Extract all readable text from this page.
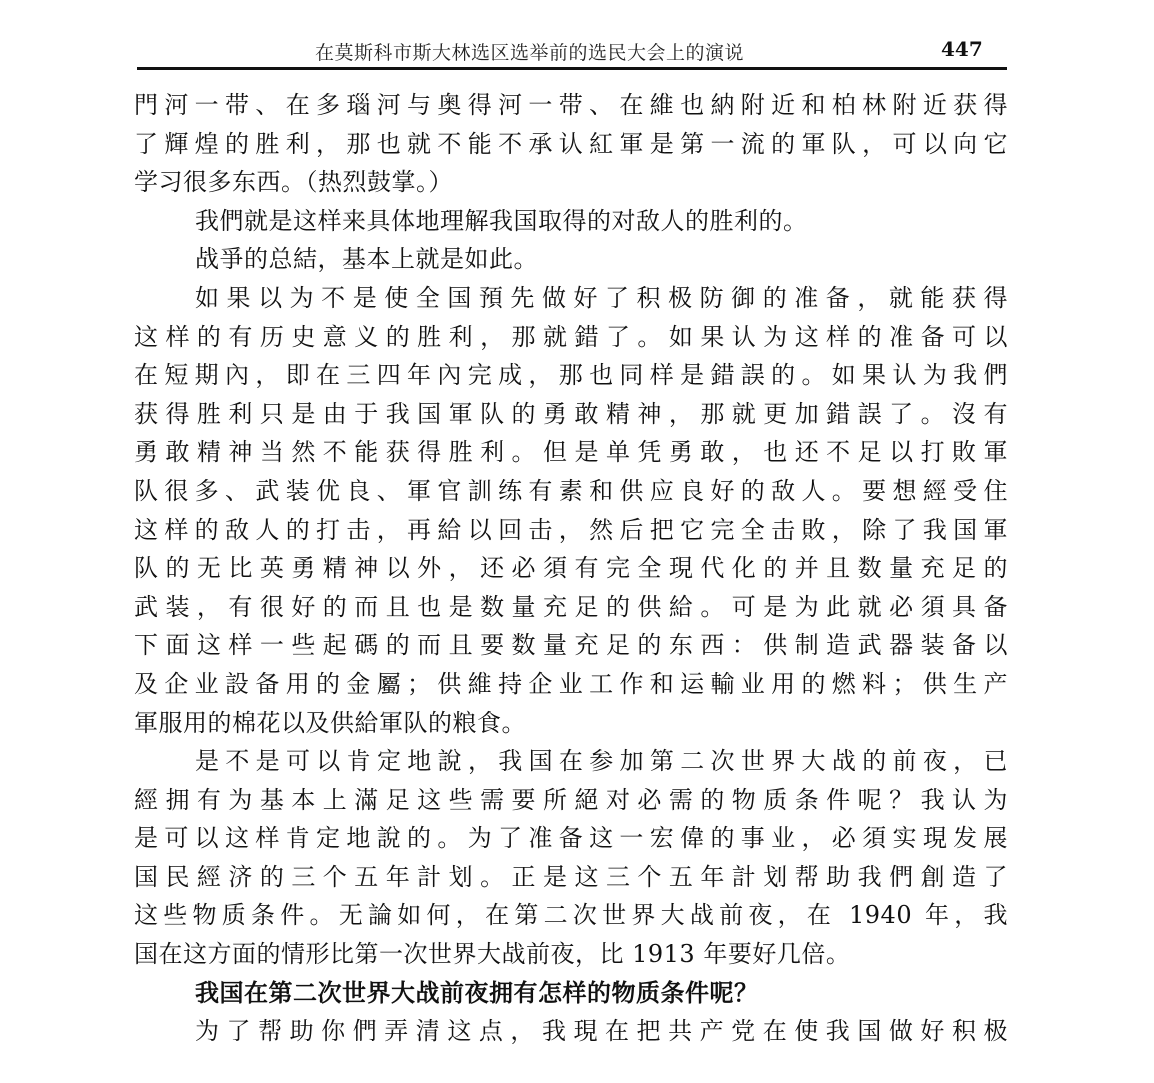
在莫斯科市斯大林选区选举前的选民大会上的演说	447
門河一带、在多瑙河与奥得河一带、在維也納附近和柏林附近获得
了輝煌的胜利，那也就不能不承认紅軍是第一流的軍队，可以向它
学习很多东西。（热烈鼓掌。）
我們就是这样来具体地理解我国取得的对敌人的胜利的。
战爭的总結，基本上就是如此。
如果以为不是使全国預先做好了积极防御的准备，就能获得
这样的有历史意义的胜利，那就錯了。如果认为这样的准备可以
在短期內，即在三四年內完成，那也同样是錯誤的。如果认为我們
获得胜利只是由于我国軍队的勇敢精神，那就更加錯誤了。沒有
勇敢精神当然不能获得胜利。但是单凭勇敢，也还不足以打敗軍
队很多、武装优良、軍官訓练有素和供应良好的敌人。要想經受住
这样的敌人的打击，再給以回击，然后把它完全击敗，除了我国軍
队的无比英勇精神以外，还必須有完全現代化的并且数量充足的
武装，有很好的而且也是数量充足的供給。可是为此就必須具备
下面这样一些起碼的而且要数量充足的东西：供制造武器装备以
及企业設备用的金屬；供維持企业工作和运輸业用的燃料；供生产
軍服用的棉花以及供給軍队的粮食。
是不是可以肯定地說，我国在参加第二次世界大战的前夜，已
經拥有为基本上滿足这些需要所絕对必需的物质条件呢？我认为
是可以这样肯定地說的。为了准备这一宏偉的事业，必須实現发展
国民經济的三个五年計划。正是这三个五年計划帮助我們創造了
这些物质条件。无論如何，在第二次世界大战前夜，在 1940 年，我
国在这方面的情形比第一次世界大战前夜，比 1913 年要好几倍。
我国在第二次世界大战前夜拥有怎样的物质条件呢？
为了帮助你們弄清这点，我現在把共产党在使我国做好积极
